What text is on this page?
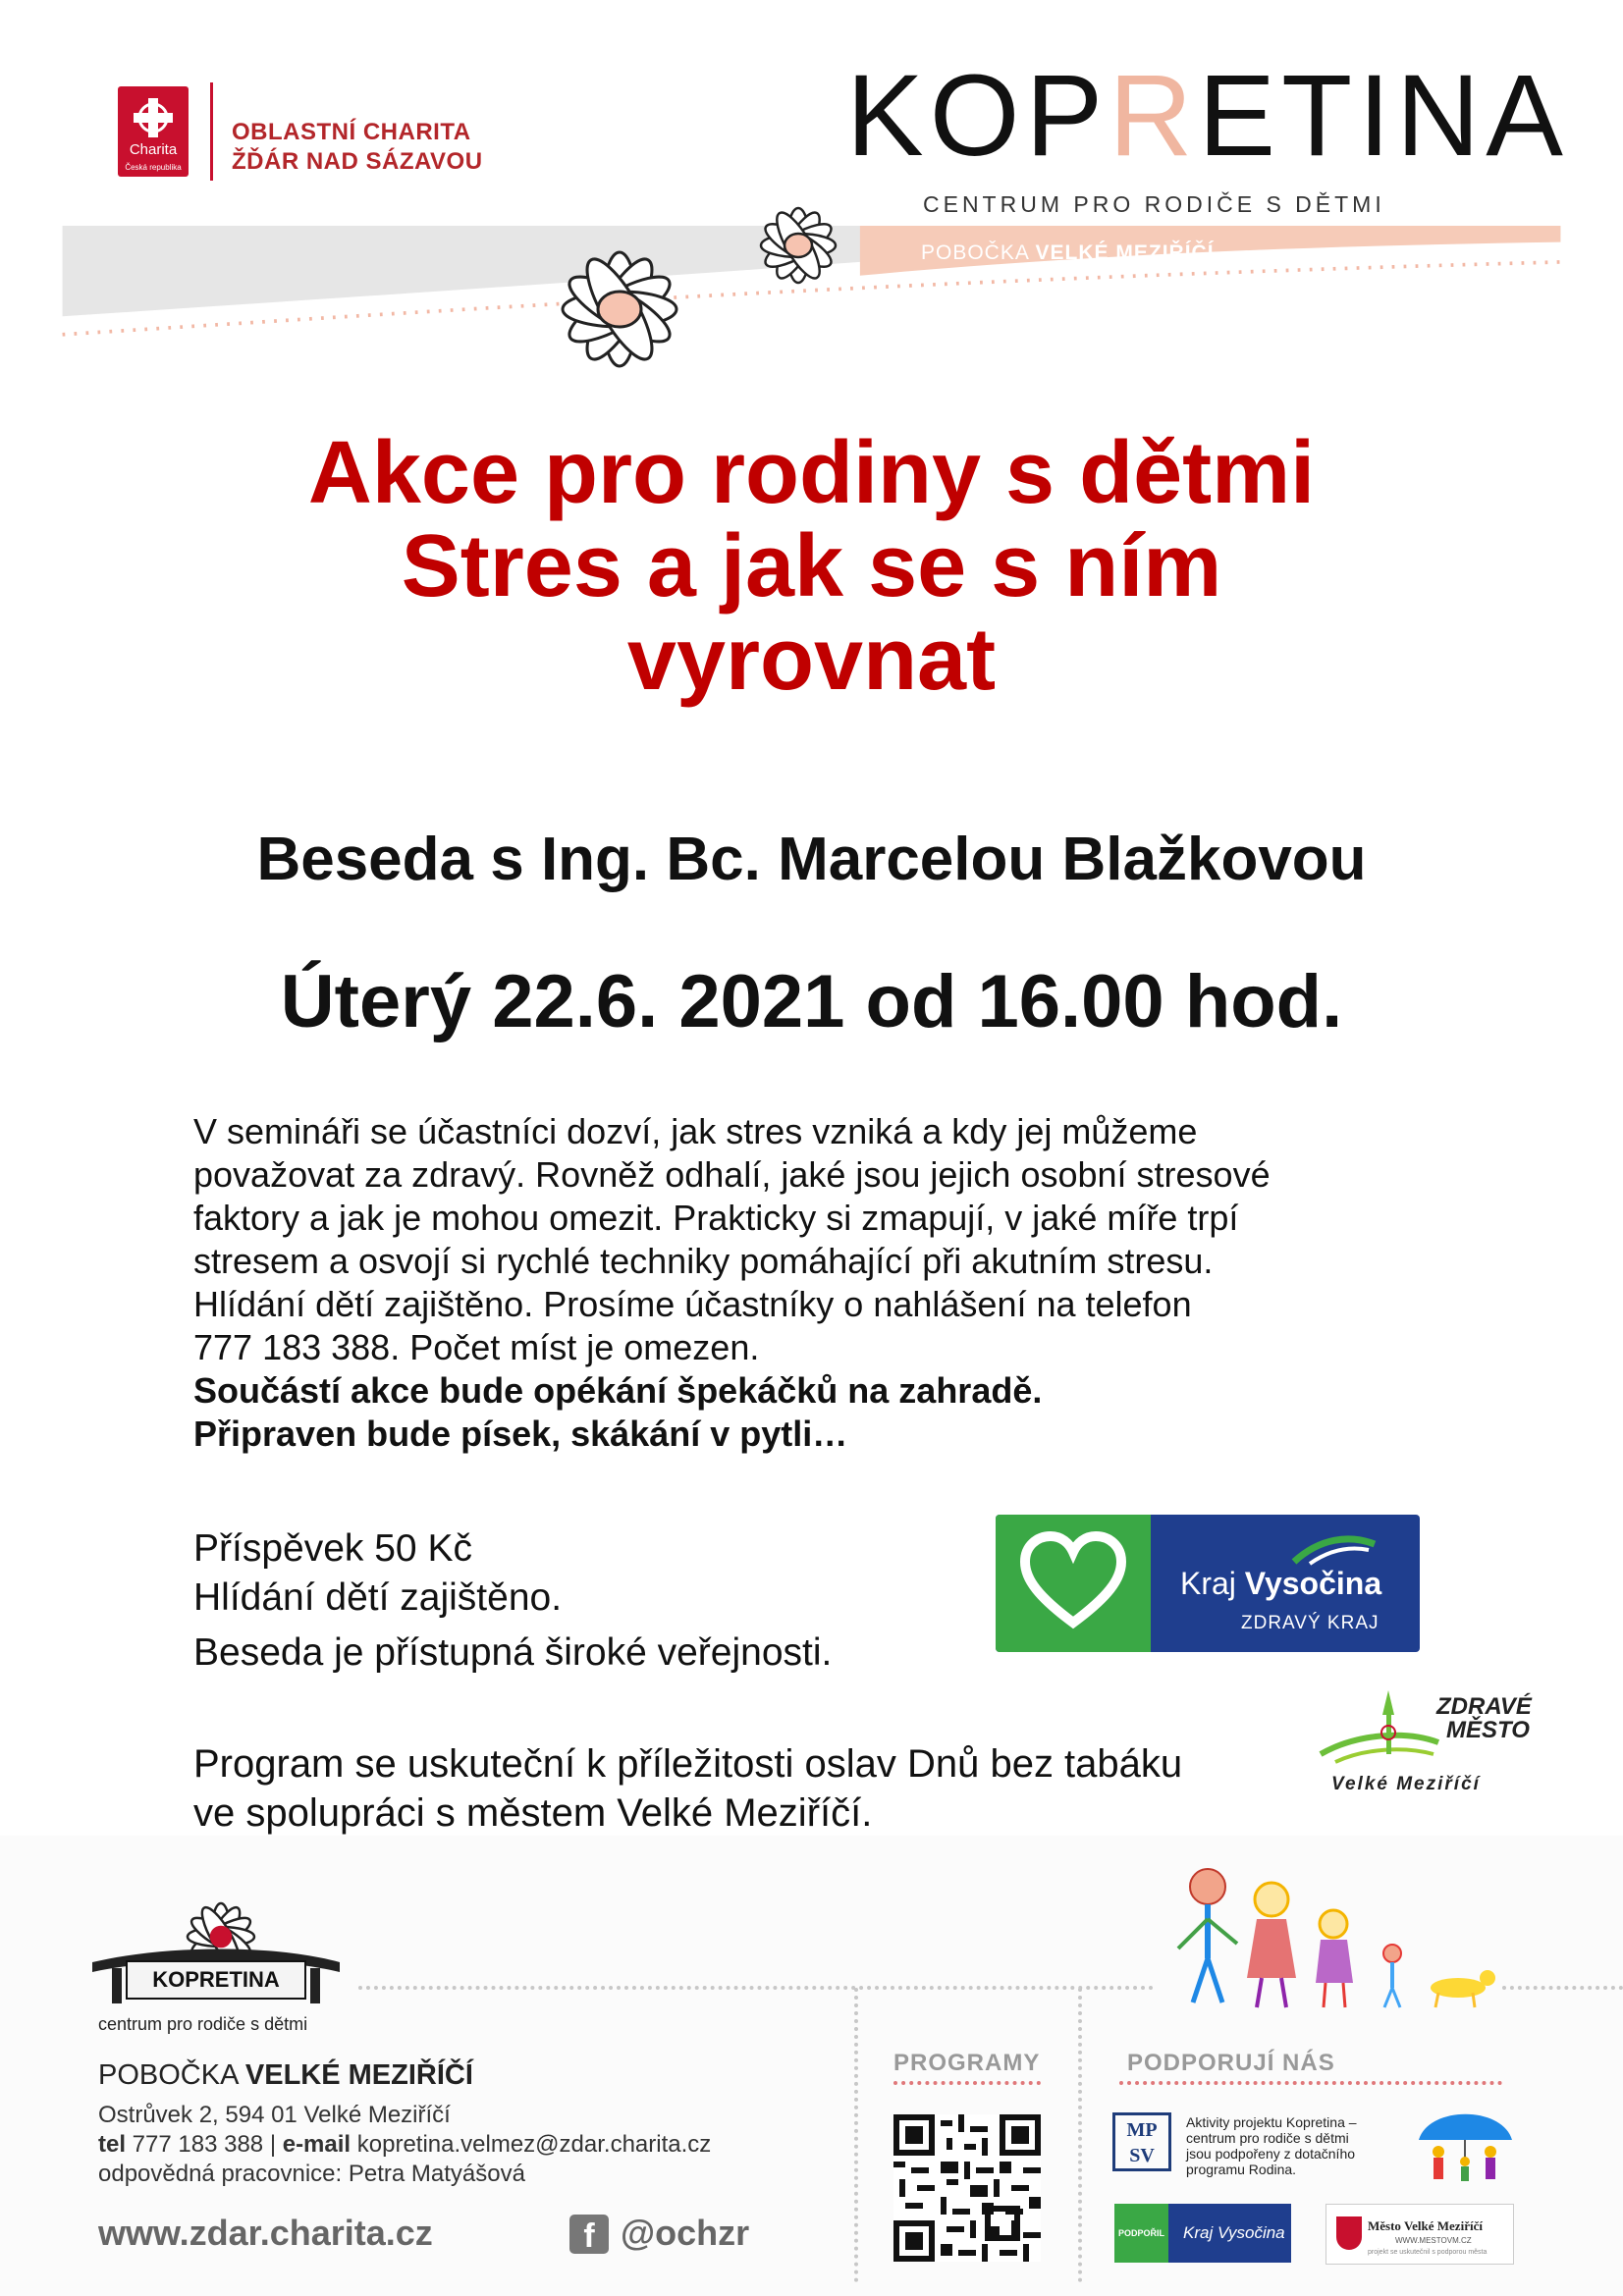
Charita
Česká republika
OBLASTNÍ CHARITA
ŽĎÁR NAD SÁZAVOU	KOPRETINA
CENTRUM PRO RODIČE S DĚTMI
POBOČKA VELKÉ MEZIŘÍČÍ
Akce pro rodiny s dětmi
Stres a jak se s ním
vyrovnat
Beseda s Ing. Bc. Marcelou Blažkovou
Úterý 22.6. 2021 od 16.00 hod.
V semináři se účastníci dozví, jak stres vzniká a kdy jej můžeme
považovat za zdravý. Rovněž odhalí, jaké jsou jejich osobní stresové
faktory a jak je mohou omezit. Prakticky si zmapují, v jaké míře trpí
stresem a osvojí si rychlé techniky pomáhající při akutním stresu.
Hlídání dětí zajištěno. Prosíme účastníky o nahlášení na telefon
777 183 388. Počet míst je omezen.
Součástí akce bude opékání špekáčků na zahradě.
Připraven bude písek, skákání v pytli…
Příspěvek 50 Kč
Hlídání dětí zajištěno.
Beseda je přístupná široké veřejnosti.
Program se uskuteční k příležitosti oslav Dnů bez tabáku
ve spolupráci s městem Velké Meziříčí.
Kraj Vysočina
ZDRAVÝ KRAJ
ZDRAVÉ
MĚSTO
Velké Meziříčí
KOPRETINA
centrum pro rodiče s dětmi
POBOČKA VELKÉ MEZIŘÍČÍ
Ostrůvek 2, 594 01 Velké Meziříčí
tel 777 183 388 | e-mail kopretina.velmez@zdar.charita.cz
odpovědná pracovnice: Petra Matyášová
www.zdar.charita.cz	f @ochzr
PROGRAMY	PODPORUJÍ NÁS
MP
SV
Aktivity projektu Kopretina – centrum pro rodiče s dětmi jsou podpořeny z dotačního programu Rodina.
PODPOŘIL Kraj Vysočina	Město Velké Meziříčí
WWW.MESTOVM.CZ
projekt se uskutečnil s podporou města
